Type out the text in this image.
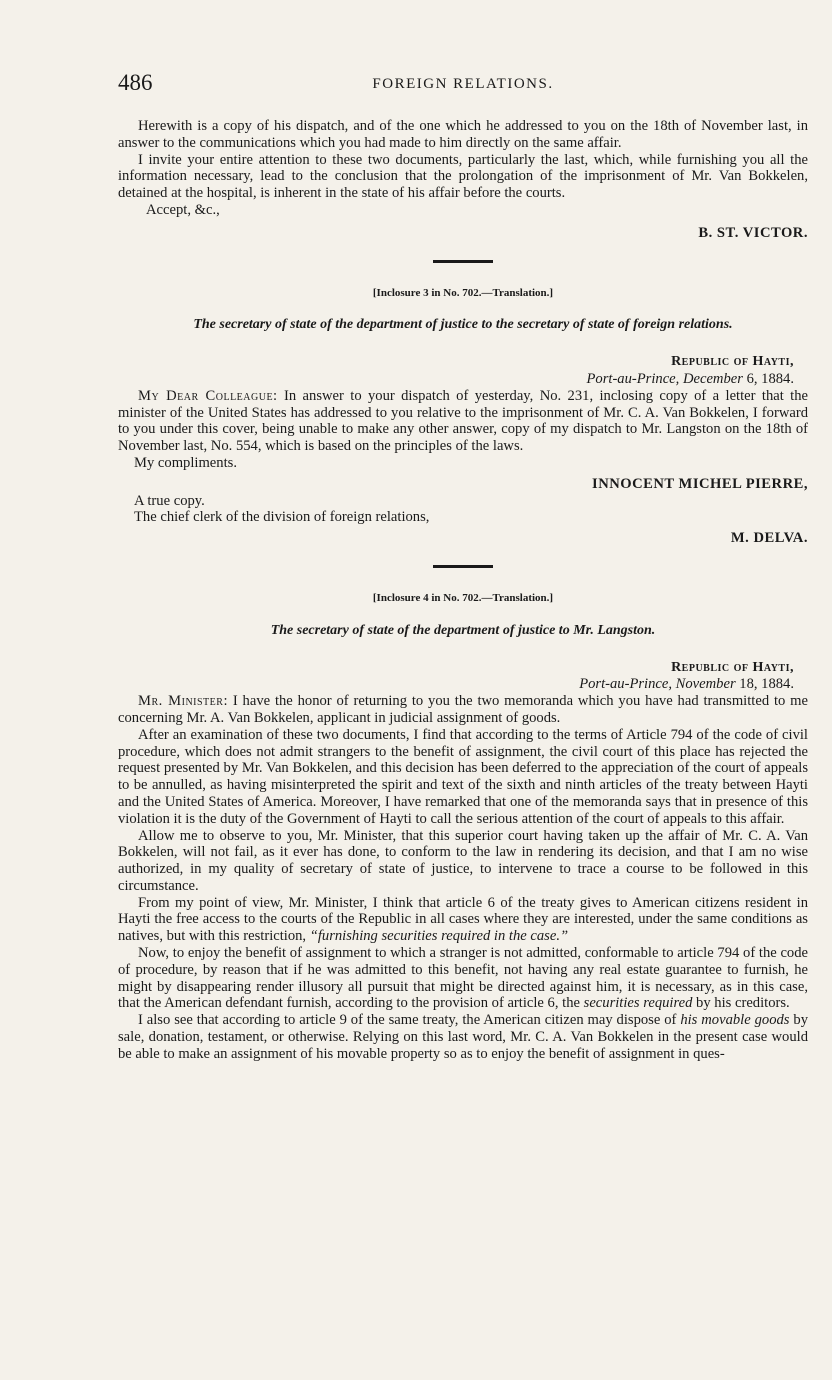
486	FOREIGN RELATIONS.

Herewith is a copy of his dispatch, and of the one which he addressed to you on the 18th of November last, in answer to the communications which you had made to him directly on the same affair.

I invite your entire attention to these two documents, particularly the last, which, while furnishing you all the information necessary, lead to the conclusion that the prolongation of the imprisonment of Mr. Van Bokkelen, detained at the hospital, is inherent in the state of his affair before the courts.

Accept, &c.,
B. ST. VICTOR.
[Inclosure 3 in No. 702.—Translation.]
The secretary of state of the department of justice to the secretary of state of foreign relations.
Republic of Hayti,
Port-au-Prince, December 6, 1884.

My Dear Colleague: In answer to your dispatch of yesterday, No. 231, inclosing copy of a letter that the minister of the United States has addressed to you relative to the imprisonment of Mr. C. A. Van Bokkelen, I forward to you under this cover, being unable to make any other answer, copy of my dispatch to Mr. Langston on the 18th of November last, No. 554, which is based on the principles of the laws.

My compliments.
INNOCENT MICHEL PIERRE,
A true copy.
The chief clerk of the division of foreign relations,
M. DELVA.
[Inclosure 4 in No. 702.—Translation.]
The secretary of state of the department of justice to Mr. Langston.
Republic of Hayti,
Port-au-Prince, November 18, 1884.

Mr. Minister: I have the honor of returning to you the two memoranda which you have had transmitted to me concerning Mr. A. Van Bokkelen, applicant in judicial assignment of goods.

After an examination of these two documents, I find that according to the terms of Article 794 of the code of civil procedure, which does not admit strangers to the benefit of assignment, the civil court of this place has rejected the request presented by Mr. Van Bokkelen, and this decision has been deferred to the appreciation of the court of appeals to be annulled, as having misinterpreted the spirit and text of the sixth and ninth articles of the treaty between Hayti and the United States of America. Moreover, I have remarked that one of the memoranda says that in presence of this violation it is the duty of the Government of Hayti to call the serious attention of the court of appeals to this affair.

Allow me to observe to you, Mr. Minister, that this superior court having taken up the affair of Mr. C. A. Van Bokkelen, will not fail, as it ever has done, to conform to the law in rendering its decision, and that I am no wise authorized, in my quality of secretary of state of justice, to intervene to trace a course to be followed in this circumstance.

From my point of view, Mr. Minister, I think that article 6 of the treaty gives to American citizens resident in Hayti the free access to the courts of the Republic in all cases where they are interested, under the same conditions as natives, but with this restriction, “furnishing securities required in the case.”

Now, to enjoy the benefit of assignment to which a stranger is not admitted, conformable to article 794 of the code of procedure, by reason that if he was admitted to this benefit, not having any real estate guarantee to furnish, he might by disappearing render illusory all pursuit that might be directed against him, it is necessary, as in this case, that the American defendant furnish, according to the provision of article 6, the securities required by his creditors.

I also see that according to article 9 of the same treaty, the American citizen may dispose of his movable goods by sale, donation, testament, or otherwise. Relying on this last word, Mr. C. A. Van Bokkelen in the present case would be able to make an assignment of his movable property so as to enjoy the benefit of assignment in ques-
